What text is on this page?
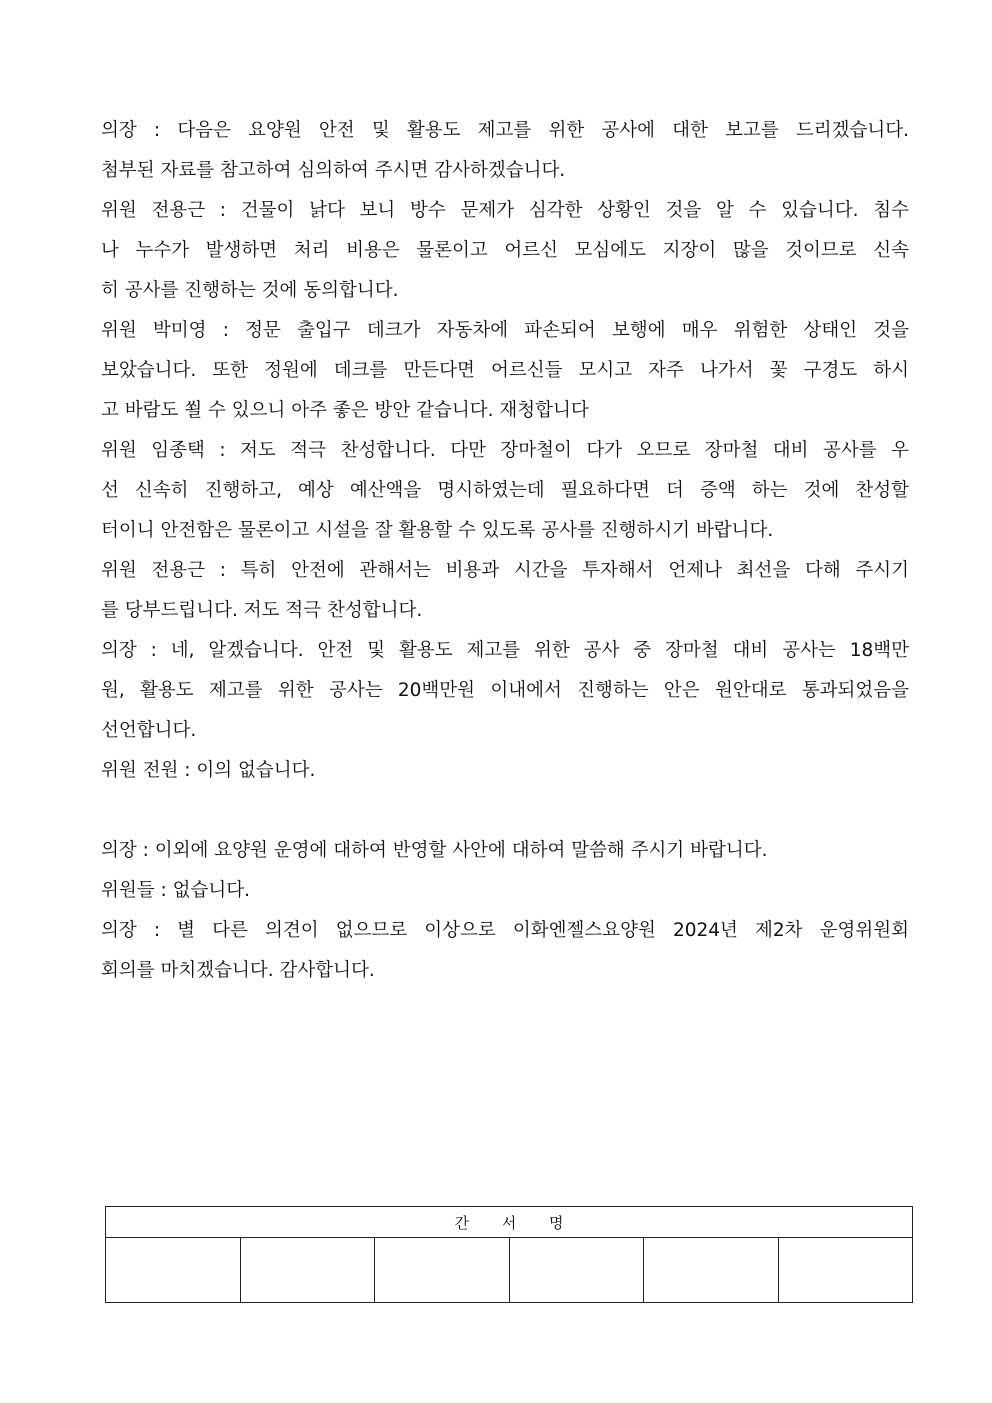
의장 : 다음은 요양원 안전 및 활용도 제고를 위한 공사에 대한 보고를 드리겠습니다.
첨부된 자료를 참고하여 심의하여 주시면 감사하겠습니다.
위원 전용근 : 건물이 낡다 보니 방수 문제가 심각한 상황인 것을 알 수 있습니다. 침수
나 누수가 발생하면 처리 비용은 물론이고 어르신 모심에도 지장이 많을 것이므로 신속
히 공사를 진행하는 것에 동의합니다.
위원 박미영 : 정문 출입구 데크가 자동차에 파손되어 보행에 매우 위험한 상태인 것을
보았습니다. 또한 정원에 데크를 만든다면 어르신들 모시고 자주 나가서 꽃 구경도 하시
고 바람도 쐴 수 있으니 아주 좋은 방안 같습니다. 재청합니다
위원 임종택 : 저도 적극 찬성합니다. 다만 장마철이 다가 오므로 장마철 대비 공사를 우
선 신속히 진행하고, 예상 예산액을 명시하였는데 필요하다면 더 증액 하는 것에 찬성할
터이니 안전함은 물론이고 시설을 잘 활용할 수 있도록 공사를 진행하시기 바랍니다.
위원 전용근 : 특히 안전에 관해서는 비용과 시간을 투자해서 언제나 최선을 다해 주시기
를 당부드립니다. 저도 적극 찬성합니다.
의장 : 네, 알겠습니다. 안전 및 활용도 제고를 위한 공사 중 장마철 대비 공사는 18백만
원, 활용도 제고를 위한 공사는 20백만원 이내에서 진행하는 안은 원안대로 통과되었음을
선언합니다.
위원 전원 : 이의 없습니다.
의장 : 이외에 요양원 운영에 대하여 반영할 사안에 대하여 말씀해 주시기 바랍니다.
위원들 : 없습니다.
의장 : 별 다른 의견이 없으므로 이상으로 이화엔젤스요양원 2024년 제2차 운영위원회
회의를 마치겠습니다. 감사합니다.
간 서 명
